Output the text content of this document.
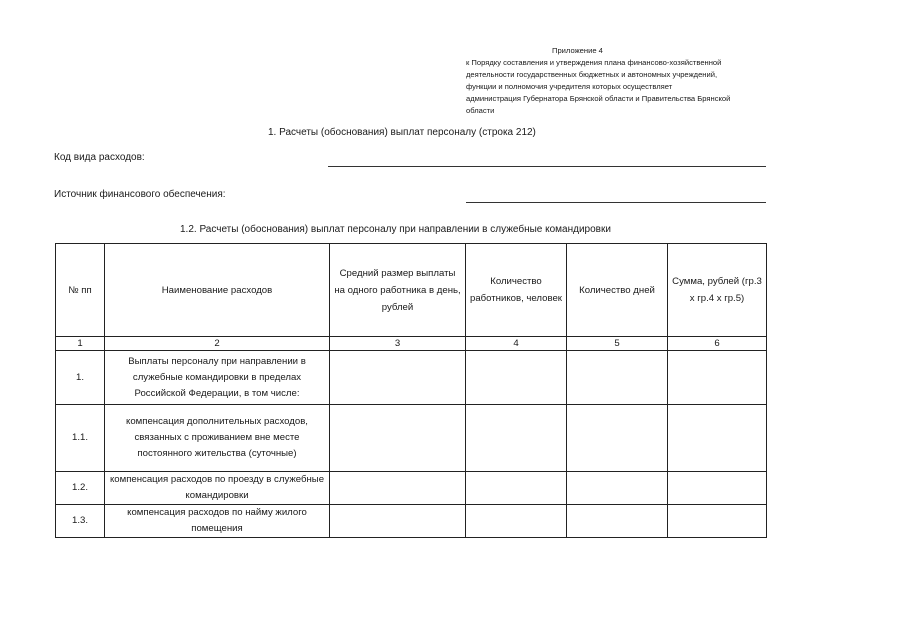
Приложение 4
к Порядку составления и утверждения плана финансово-хозяйственной
деятельности государственных бюджетных и автономных учреждений,
функции и полномочия учредителя которых осуществляет
администрация Губернатора Брянской области и Правительства Брянской
области
1. Расчеты (обоснования) выплат персоналу (строка 212)
Код вида расходов:
Источник финансового обеспечения:
1.2. Расчеты (обоснования) выплат персоналу при направлении в служебные командировки
№ пп	Наименование расходов	Средний размер выплаты на одного работника в день, рублей	Количество работников, человек	Количество дней	Сумма, рублей (гр.3 х гр.4 х гр.5)
1	2	3	4	5	6
1.	Выплаты персоналу при направлении в служебные командировки в пределах Российской Федерации, в том числе:				
1.1.	компенсация дополнительных расходов, связанных с проживанием вне месте постоянного жительства (суточные)				
1.2.	компенсация расходов по проезду в служебные командировки				
1.3.	компенсация расходов по найму жилого помещения				
